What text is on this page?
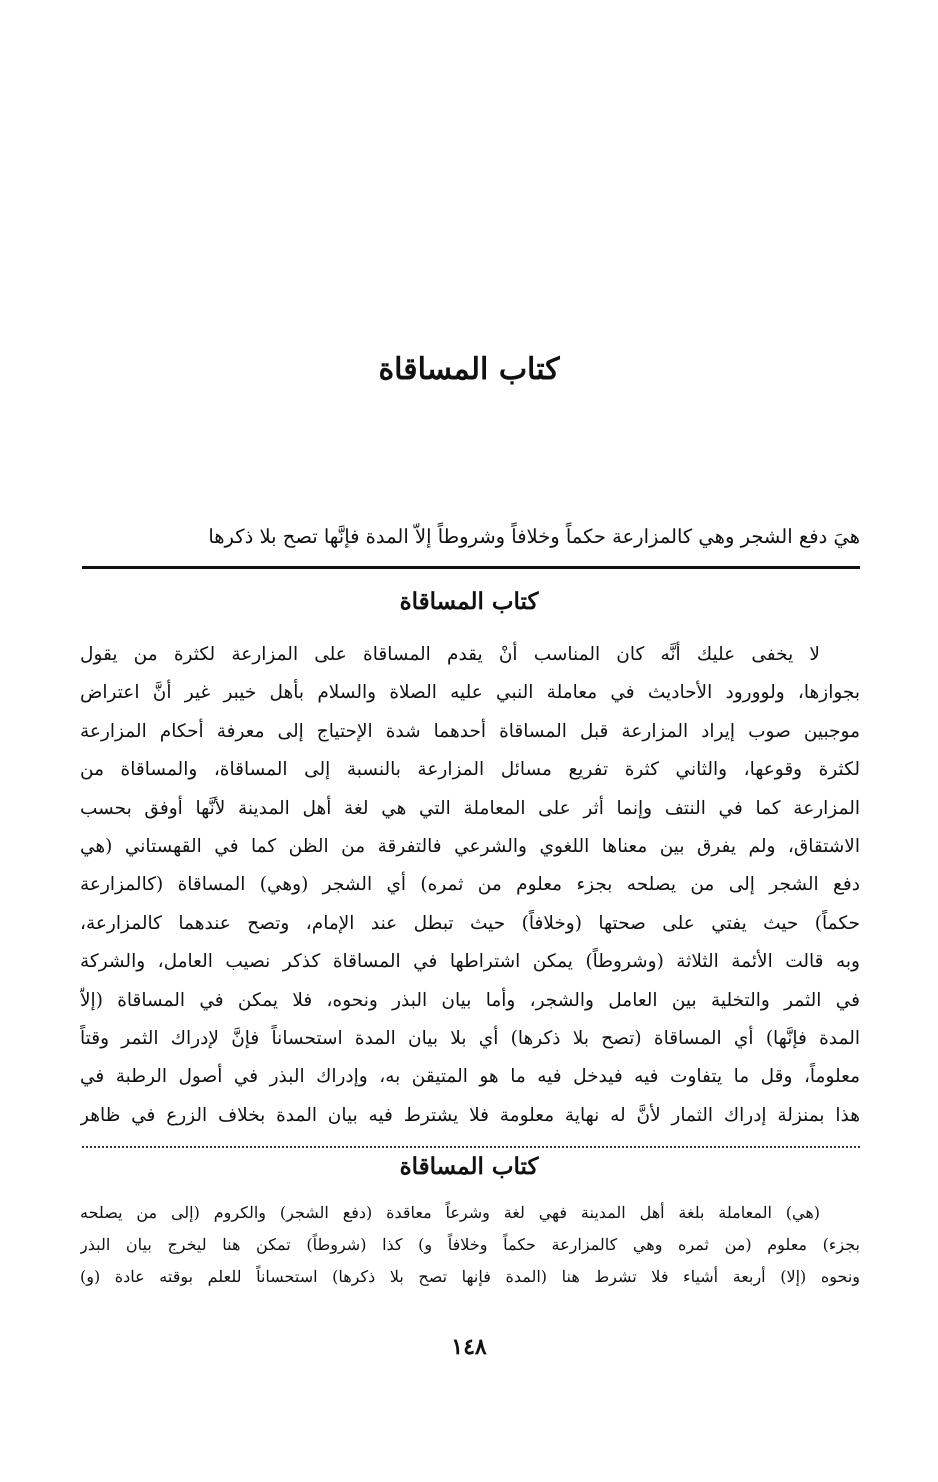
كتاب المساقاة

هيَ دفع الشجر وهي كالمزارعة حكماً وخلافاً وشروطاً إلاّ المدة فإنَّها تصح بلا ذكرها

كتاب المساقاة
لا يخفى عليك أنَّه كان المناسب أنْ يقدم المساقاة على المزارعة لكثرة من يقول
بجوازها، ولوورود الأحاديث في معاملة النبي عليه الصلاة والسلام بأهل خيبر غير أنَّ اعتراض
موجبين صوب إيراد المزارعة قبل المساقاة أحدهما شدة الإحتياج إلى معرفة أحكام المزارعة
لكثرة وقوعها، والثاني كثرة تفريع مسائل المزارعة بالنسبة إلى المساقاة، والمساقاة من
المزارعة كما في النتف وإنما أثر على المعاملة التي هي لغة أهل المدينة لأنَّها أوفق بحسب
الاشتقاق، ولم يفرق بين معناها اللغوي والشرعي فالتفرقة من الظن كما في القهستاني (هي
دفع الشجر إلى من يصلحه بجزء معلوم من ثمره) أي الشجر (وهي) المساقاة (كالمزارعة
حكماً) حيث يفتي على صحتها (وخلافاً) حيث تبطل عند الإمام، وتصح عندهما كالمزارعة،
وبه قالت الأئمة الثلاثة (وشروطاً) يمكن اشتراطها في المساقاة كذكر نصيب العامل، والشركة
في الثمر والتخلية بين العامل والشجر، وأما بيان البذر ونحوه، فلا يمكن في المساقاة (إلاّ
المدة فإنَّها) أي المساقاة (تصح بلا ذكرها) أي بلا بيان المدة استحساناً فإنَّ لإدراك الثمر وقتاً
معلوماً، وقل ما يتفاوت فيه فيدخل فيه ما هو المتيقن به، وإدراك البذر في أصول الرطبة في
هذا بمنزلة إدراك الثمار لأنَّ له نهاية معلومة فلا يشترط فيه بيان المدة بخلاف الزرع في ظاهر
كتاب المساقاة
(هي) المعاملة بلغة أهل المدينة فهي لغة وشرعاً معاقدة (دفع الشجر) والكروم (إلى من يصلحه
بجزء) معلوم (من ثمره وهي كالمزارعة حكماً وخلافاً و) كذا (شروطاً) تمكن هنا ليخرج بيان البذر
ونحوه (إلا) أربعة أشياء فلا تشرط هنا (المدة فإنها تصح بلا ذكرها) استحساناً للعلم بوقته عادة (و)
١٤٨
